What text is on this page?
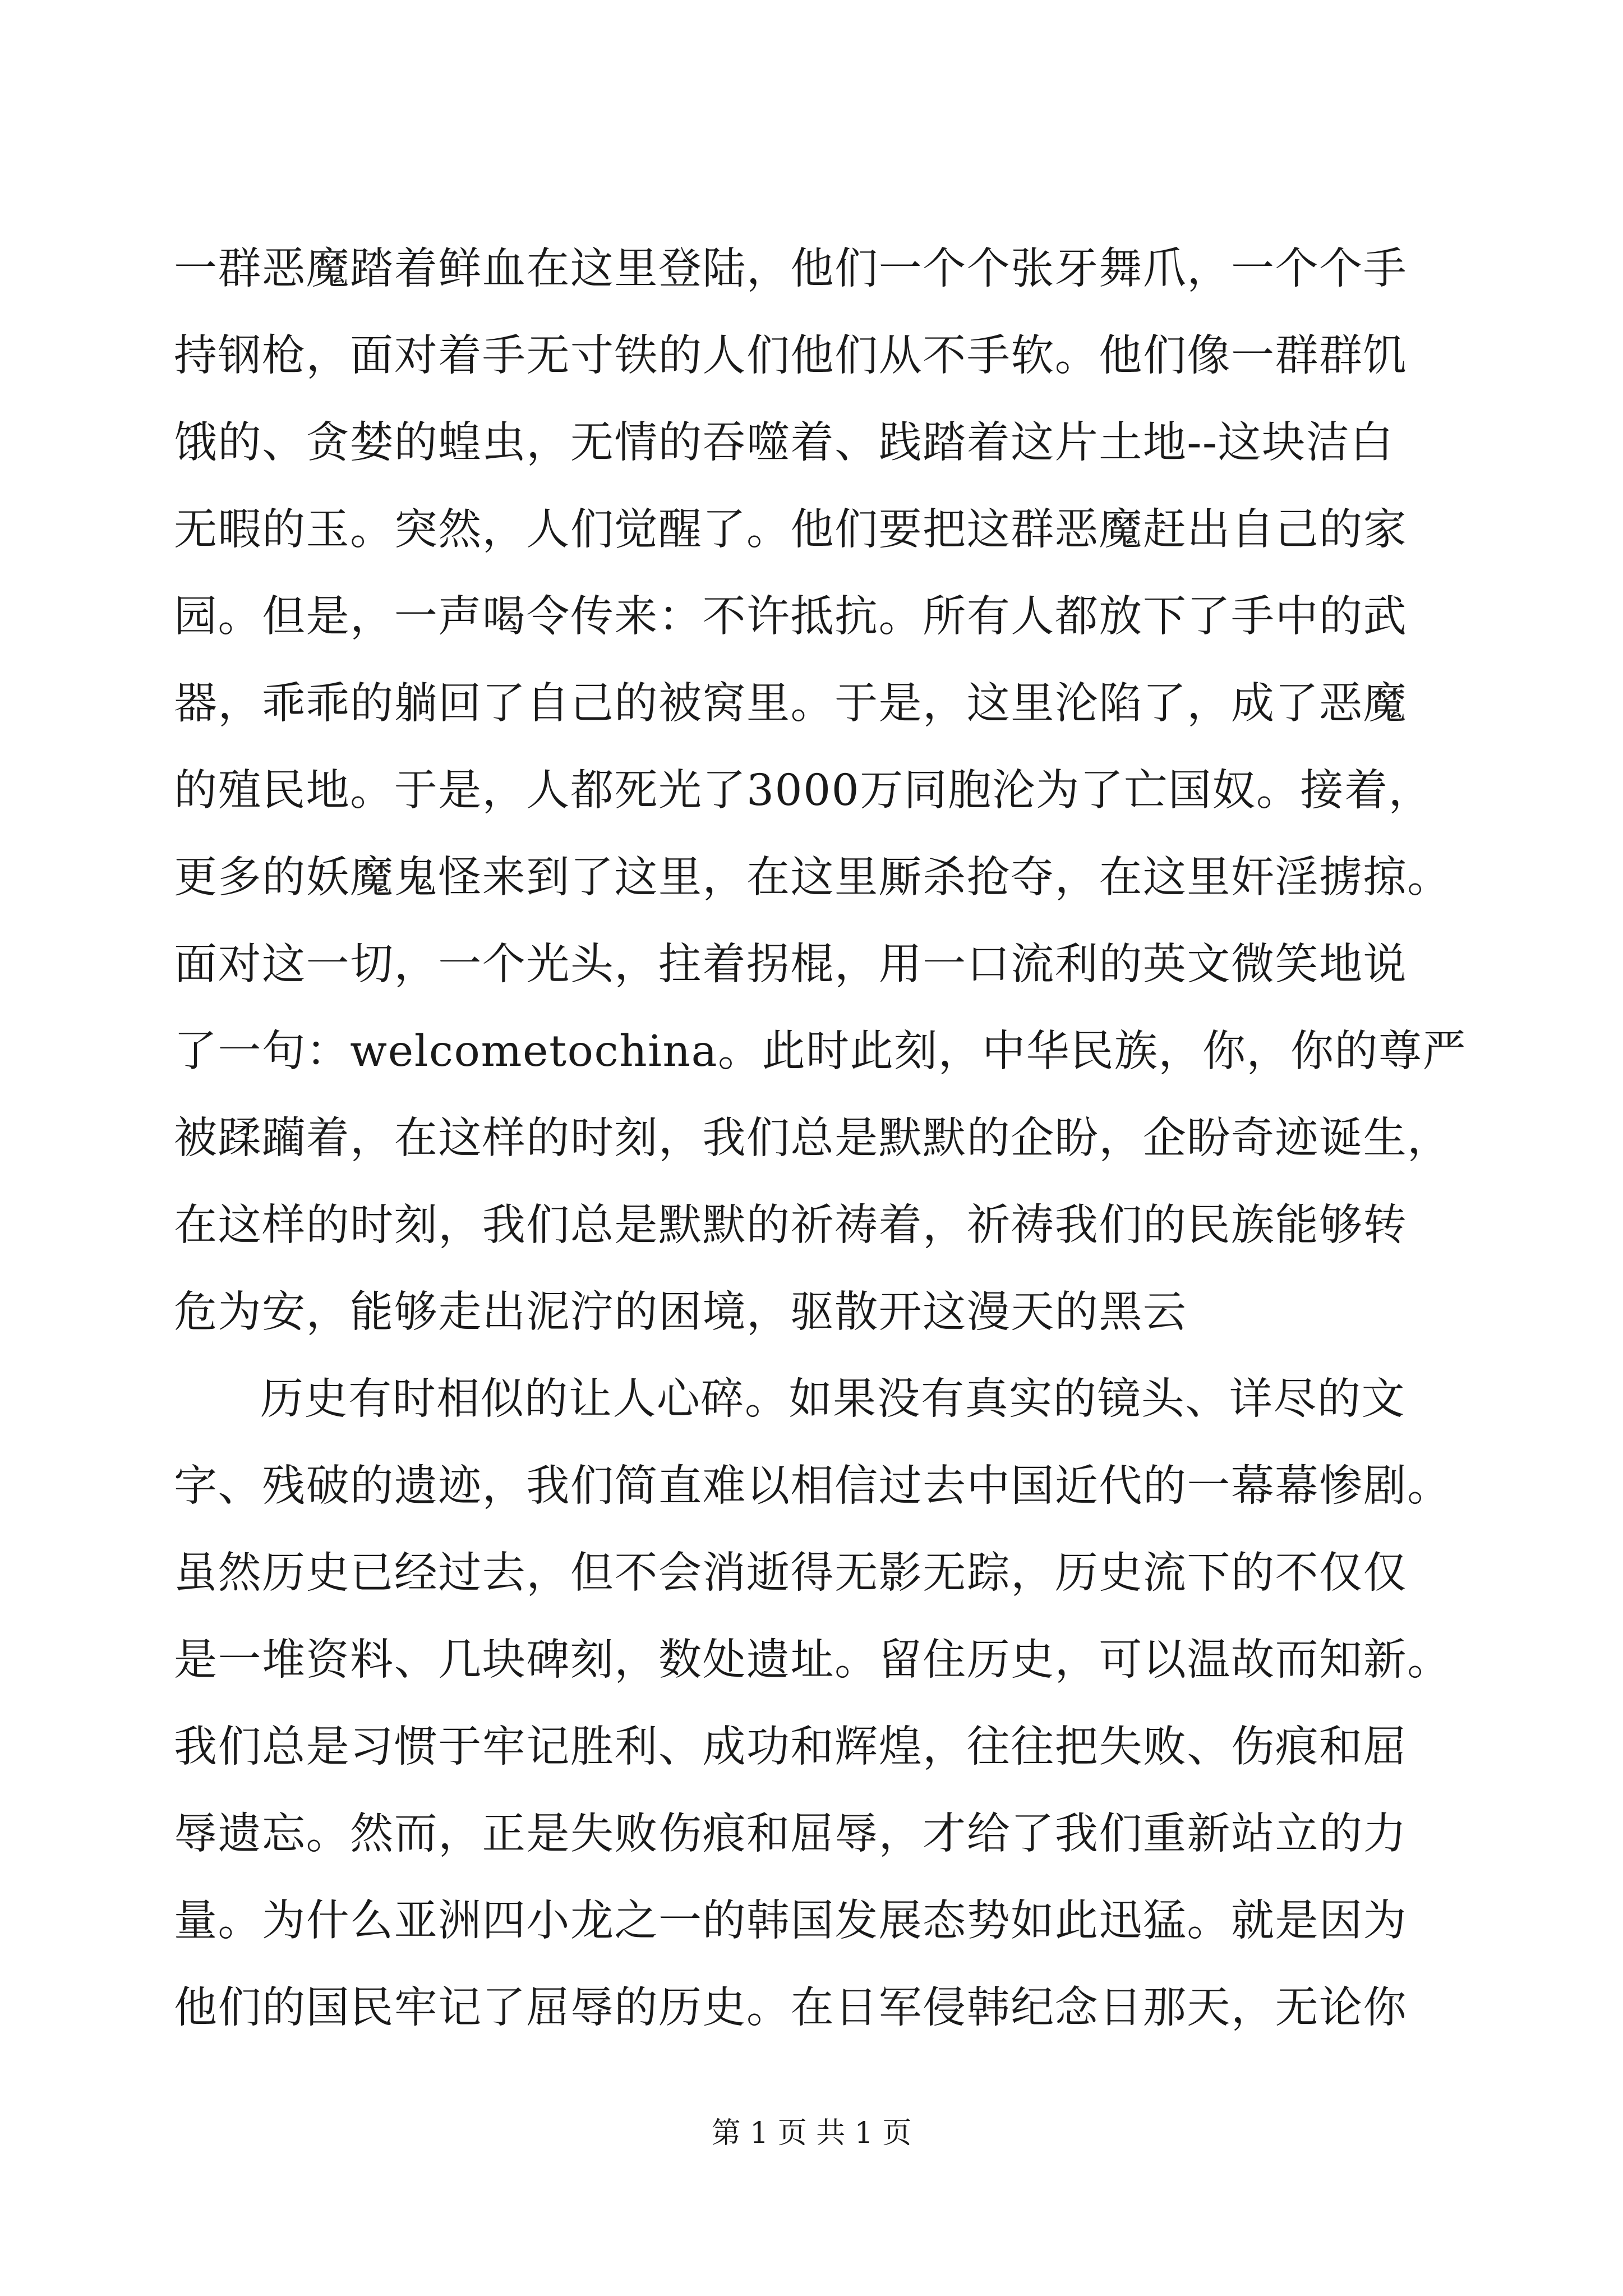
一群恶魔踏着鲜血在这里登陆，他们一个个张牙舞爪，一个个手
持钢枪，面对着手无寸铁的人们他们从不手软。他们像一群群饥
饿的、贪婪的蝗虫，无情的吞噬着、践踏着这片土地--这块洁白
无暇的玉。突然，人们觉醒了。他们要把这群恶魔赶出自己的家
园。但是，一声喝令传来：不许抵抗。所有人都放下了手中的武
器，乖乖的躺回了自己的被窝里。于是，这里沦陷了，成了恶魔
的殖民地。于是，人都死光了3000万同胞沦为了亡国奴。接着，
更多的妖魔鬼怪来到了这里，在这里厮杀抢夺，在这里奸淫掳掠。
面对这一切，一个光头，拄着拐棍，用一口流利的英文微笑地说
了一句：welcometochina。此时此刻，中华民族，你，你的尊严
被蹂躏着，在这样的时刻，我们总是默默的企盼，企盼奇迹诞生，
在这样的时刻，我们总是默默的祈祷着，祈祷我们的民族能够转
危为安，能够走出泥泞的困境，驱散开这漫天的黑云
历史有时相似的让人心碎。如果没有真实的镜头、详尽的文
字、残破的遗迹，我们简直难以相信过去中国近代的一幕幕惨剧。
虽然历史已经过去，但不会消逝得无影无踪，历史流下的不仅仅
是一堆资料、几块碑刻，数处遗址。留住历史，可以温故而知新。
我们总是习惯于牢记胜利、成功和辉煌，往往把失败、伤痕和屈
辱遗忘。然而，正是失败伤痕和屈辱，才给了我们重新站立的力
量。为什么亚洲四小龙之一的韩国发展态势如此迅猛。就是因为
他们的国民牢记了屈辱的历史。在日军侵韩纪念日那天，无论你
第 1 页 共 1 页
